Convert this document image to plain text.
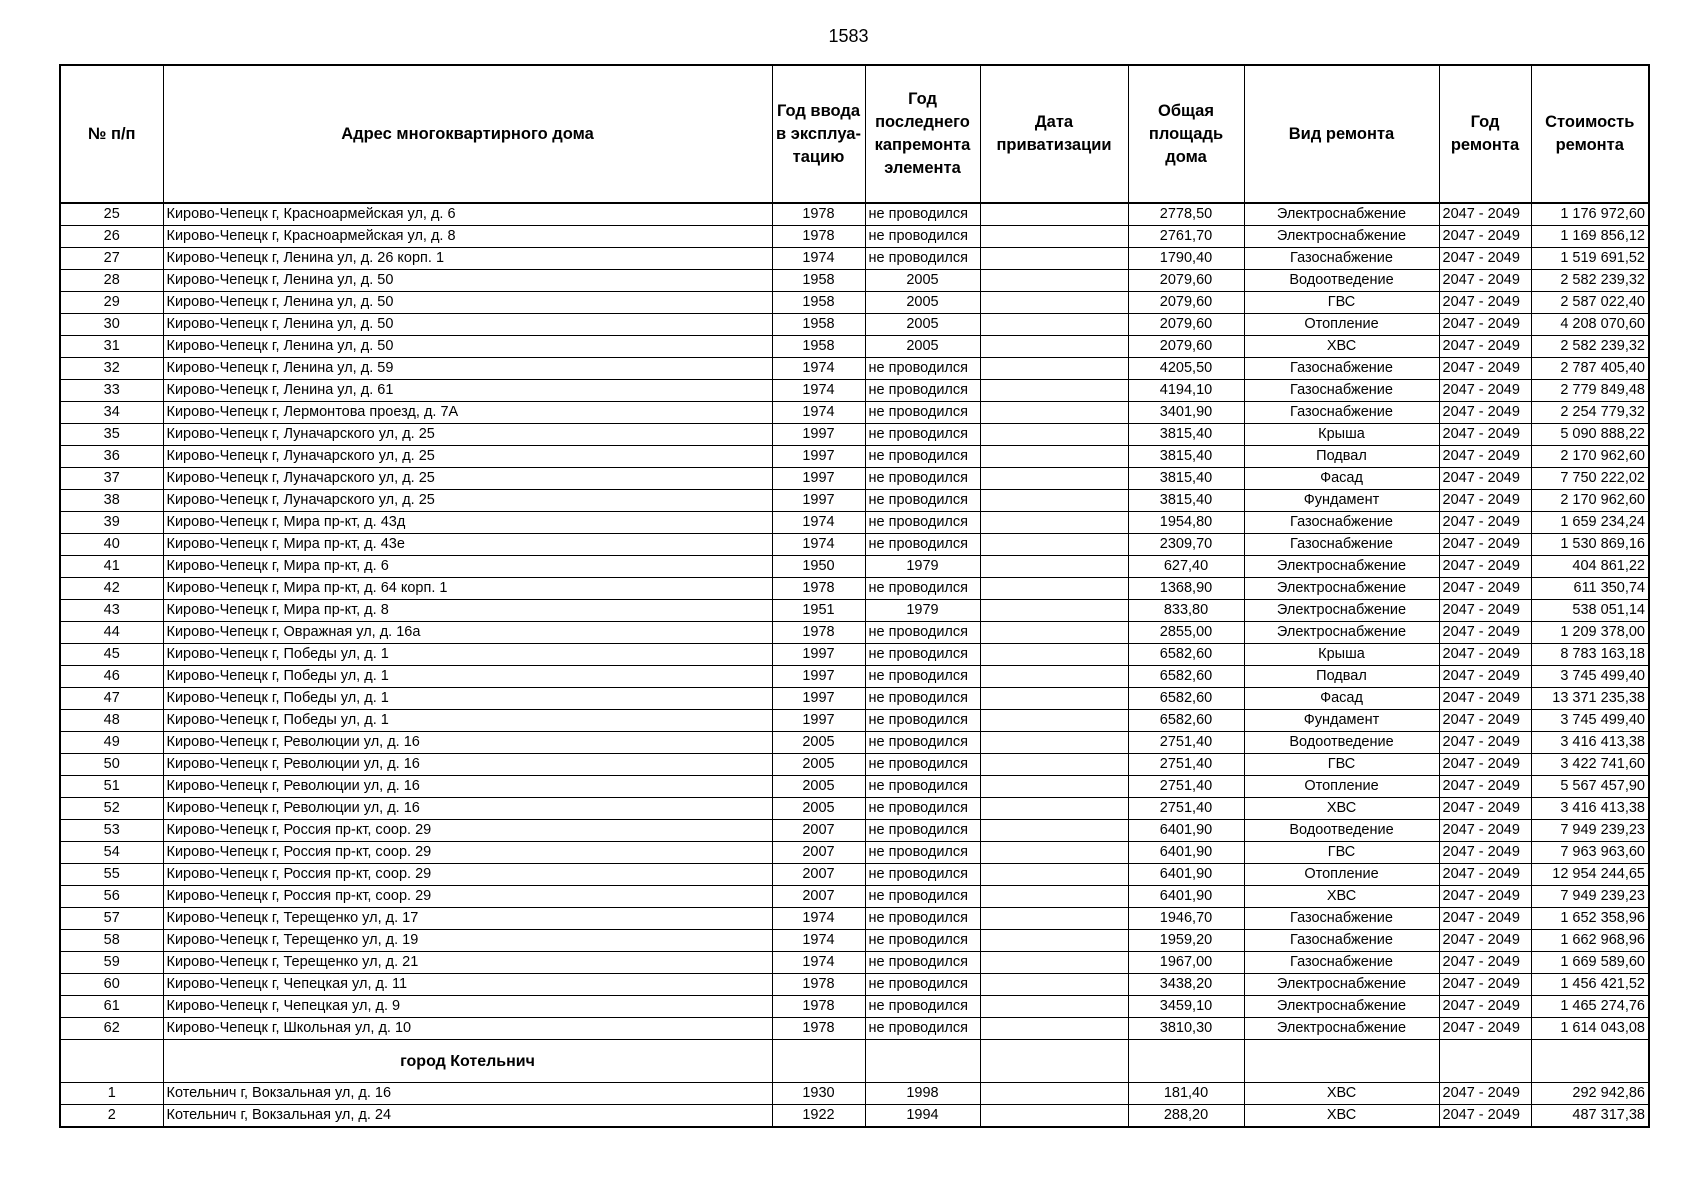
1583
№ п/п	Адрес многоквартирного дома	Год ввода в эксплуа-тацию	Год последнего капремонта элемента	Дата приватизации	Общая площадь дома	Вид ремонта	Год ремонта	Стоимость ремонта
25	Кирово-Чепецк г, Красноармейская ул, д. 6	1978	не проводился		2778,50	Электроснабжение	2047 - 2049	1 176 972,60
26	Кирово-Чепецк г, Красноармейская ул, д. 8	1978	не проводился		2761,70	Электроснабжение	2047 - 2049	1 169 856,12
27	Кирово-Чепецк г, Ленина ул, д. 26 корп. 1	1974	не проводился		1790,40	Газоснабжение	2047 - 2049	1 519 691,52
28	Кирово-Чепецк г, Ленина ул, д. 50	1958	2005		2079,60	Водоотведение	2047 - 2049	2 582 239,32
29	Кирово-Чепецк г, Ленина ул, д. 50	1958	2005		2079,60	ГВС	2047 - 2049	2 587 022,40
30	Кирово-Чепецк г, Ленина ул, д. 50	1958	2005		2079,60	Отопление	2047 - 2049	4 208 070,60
31	Кирово-Чепецк г, Ленина ул, д. 50	1958	2005		2079,60	ХВС	2047 - 2049	2 582 239,32
32	Кирово-Чепецк г, Ленина ул, д. 59	1974	не проводился		4205,50	Газоснабжение	2047 - 2049	2 787 405,40
33	Кирово-Чепецк г, Ленина ул, д. 61	1974	не проводился		4194,10	Газоснабжение	2047 - 2049	2 779 849,48
34	Кирово-Чепецк г, Лермонтова проезд, д. 7А	1974	не проводился		3401,90	Газоснабжение	2047 - 2049	2 254 779,32
35	Кирово-Чепецк г, Луначарского ул, д. 25	1997	не проводился		3815,40	Крыша	2047 - 2049	5 090 888,22
36	Кирово-Чепецк г, Луначарского ул, д. 25	1997	не проводился		3815,40	Подвал	2047 - 2049	2 170 962,60
37	Кирово-Чепецк г, Луначарского ул, д. 25	1997	не проводился		3815,40	Фасад	2047 - 2049	7 750 222,02
38	Кирово-Чепецк г, Луначарского ул, д. 25	1997	не проводился		3815,40	Фундамент	2047 - 2049	2 170 962,60
39	Кирово-Чепецк г, Мира пр-кт, д. 43д	1974	не проводился		1954,80	Газоснабжение	2047 - 2049	1 659 234,24
40	Кирово-Чепецк г, Мира пр-кт, д. 43е	1974	не проводился		2309,70	Газоснабжение	2047 - 2049	1 530 869,16
41	Кирово-Чепецк г, Мира пр-кт, д. 6	1950	1979		627,40	Электроснабжение	2047 - 2049	404 861,22
42	Кирово-Чепецк г, Мира пр-кт, д. 64 корп. 1	1978	не проводился		1368,90	Электроснабжение	2047 - 2049	611 350,74
43	Кирово-Чепецк г, Мира пр-кт, д. 8	1951	1979		833,80	Электроснабжение	2047 - 2049	538 051,14
44	Кирово-Чепецк г, Овражная ул, д. 16а	1978	не проводился		2855,00	Электроснабжение	2047 - 2049	1 209 378,00
45	Кирово-Чепецк г, Победы ул, д. 1	1997	не проводился		6582,60	Крыша	2047 - 2049	8 783 163,18
46	Кирово-Чепецк г, Победы ул, д. 1	1997	не проводился		6582,60	Подвал	2047 - 2049	3 745 499,40
47	Кирово-Чепецк г, Победы ул, д. 1	1997	не проводился		6582,60	Фасад	2047 - 2049	13 371 235,38
48	Кирово-Чепецк г, Победы ул, д. 1	1997	не проводился		6582,60	Фундамент	2047 - 2049	3 745 499,40
49	Кирово-Чепецк г, Революции ул, д. 16	2005	не проводился		2751,40	Водоотведение	2047 - 2049	3 416 413,38
50	Кирово-Чепецк г, Революции ул, д. 16	2005	не проводился		2751,40	ГВС	2047 - 2049	3 422 741,60
51	Кирово-Чепецк г, Революции ул, д. 16	2005	не проводился		2751,40	Отопление	2047 - 2049	5 567 457,90
52	Кирово-Чепецк г, Революции ул, д. 16	2005	не проводился		2751,40	ХВС	2047 - 2049	3 416 413,38
53	Кирово-Чепецк г, Россия пр-кт, соор. 29	2007	не проводился		6401,90	Водоотведение	2047 - 2049	7 949 239,23
54	Кирово-Чепецк г, Россия пр-кт, соор. 29	2007	не проводился		6401,90	ГВС	2047 - 2049	7 963 963,60
55	Кирово-Чепецк г, Россия пр-кт, соор. 29	2007	не проводился		6401,90	Отопление	2047 - 2049	12 954 244,65
56	Кирово-Чепецк г, Россия пр-кт, соор. 29	2007	не проводился		6401,90	ХВС	2047 - 2049	7 949 239,23
57	Кирово-Чепецк г, Терещенко ул, д. 17	1974	не проводился		1946,70	Газоснабжение	2047 - 2049	1 652 358,96
58	Кирово-Чепецк г, Терещенко ул, д. 19	1974	не проводился		1959,20	Газоснабжение	2047 - 2049	1 662 968,96
59	Кирово-Чепецк г, Терещенко ул, д. 21	1974	не проводился		1967,00	Газоснабжение	2047 - 2049	1 669 589,60
60	Кирово-Чепецк г, Чепецкая ул, д. 11	1978	не проводился		3438,20	Электроснабжение	2047 - 2049	1 456 421,52
61	Кирово-Чепецк г, Чепецкая ул, д. 9	1978	не проводился		3459,10	Электроснабжение	2047 - 2049	1 465 274,76
62	Кирово-Чепецк г, Школьная ул, д. 10	1978	не проводился		3810,30	Электроснабжение	2047 - 2049	1 614 043,08
	город Котельнич							
1	Котельнич г, Вокзальная ул, д. 16	1930	1998		181,40	ХВС	2047 - 2049	292 942,86
2	Котельнич г, Вокзальная ул, д. 24	1922	1994		288,20	ХВС	2047 - 2049	487 317,38
